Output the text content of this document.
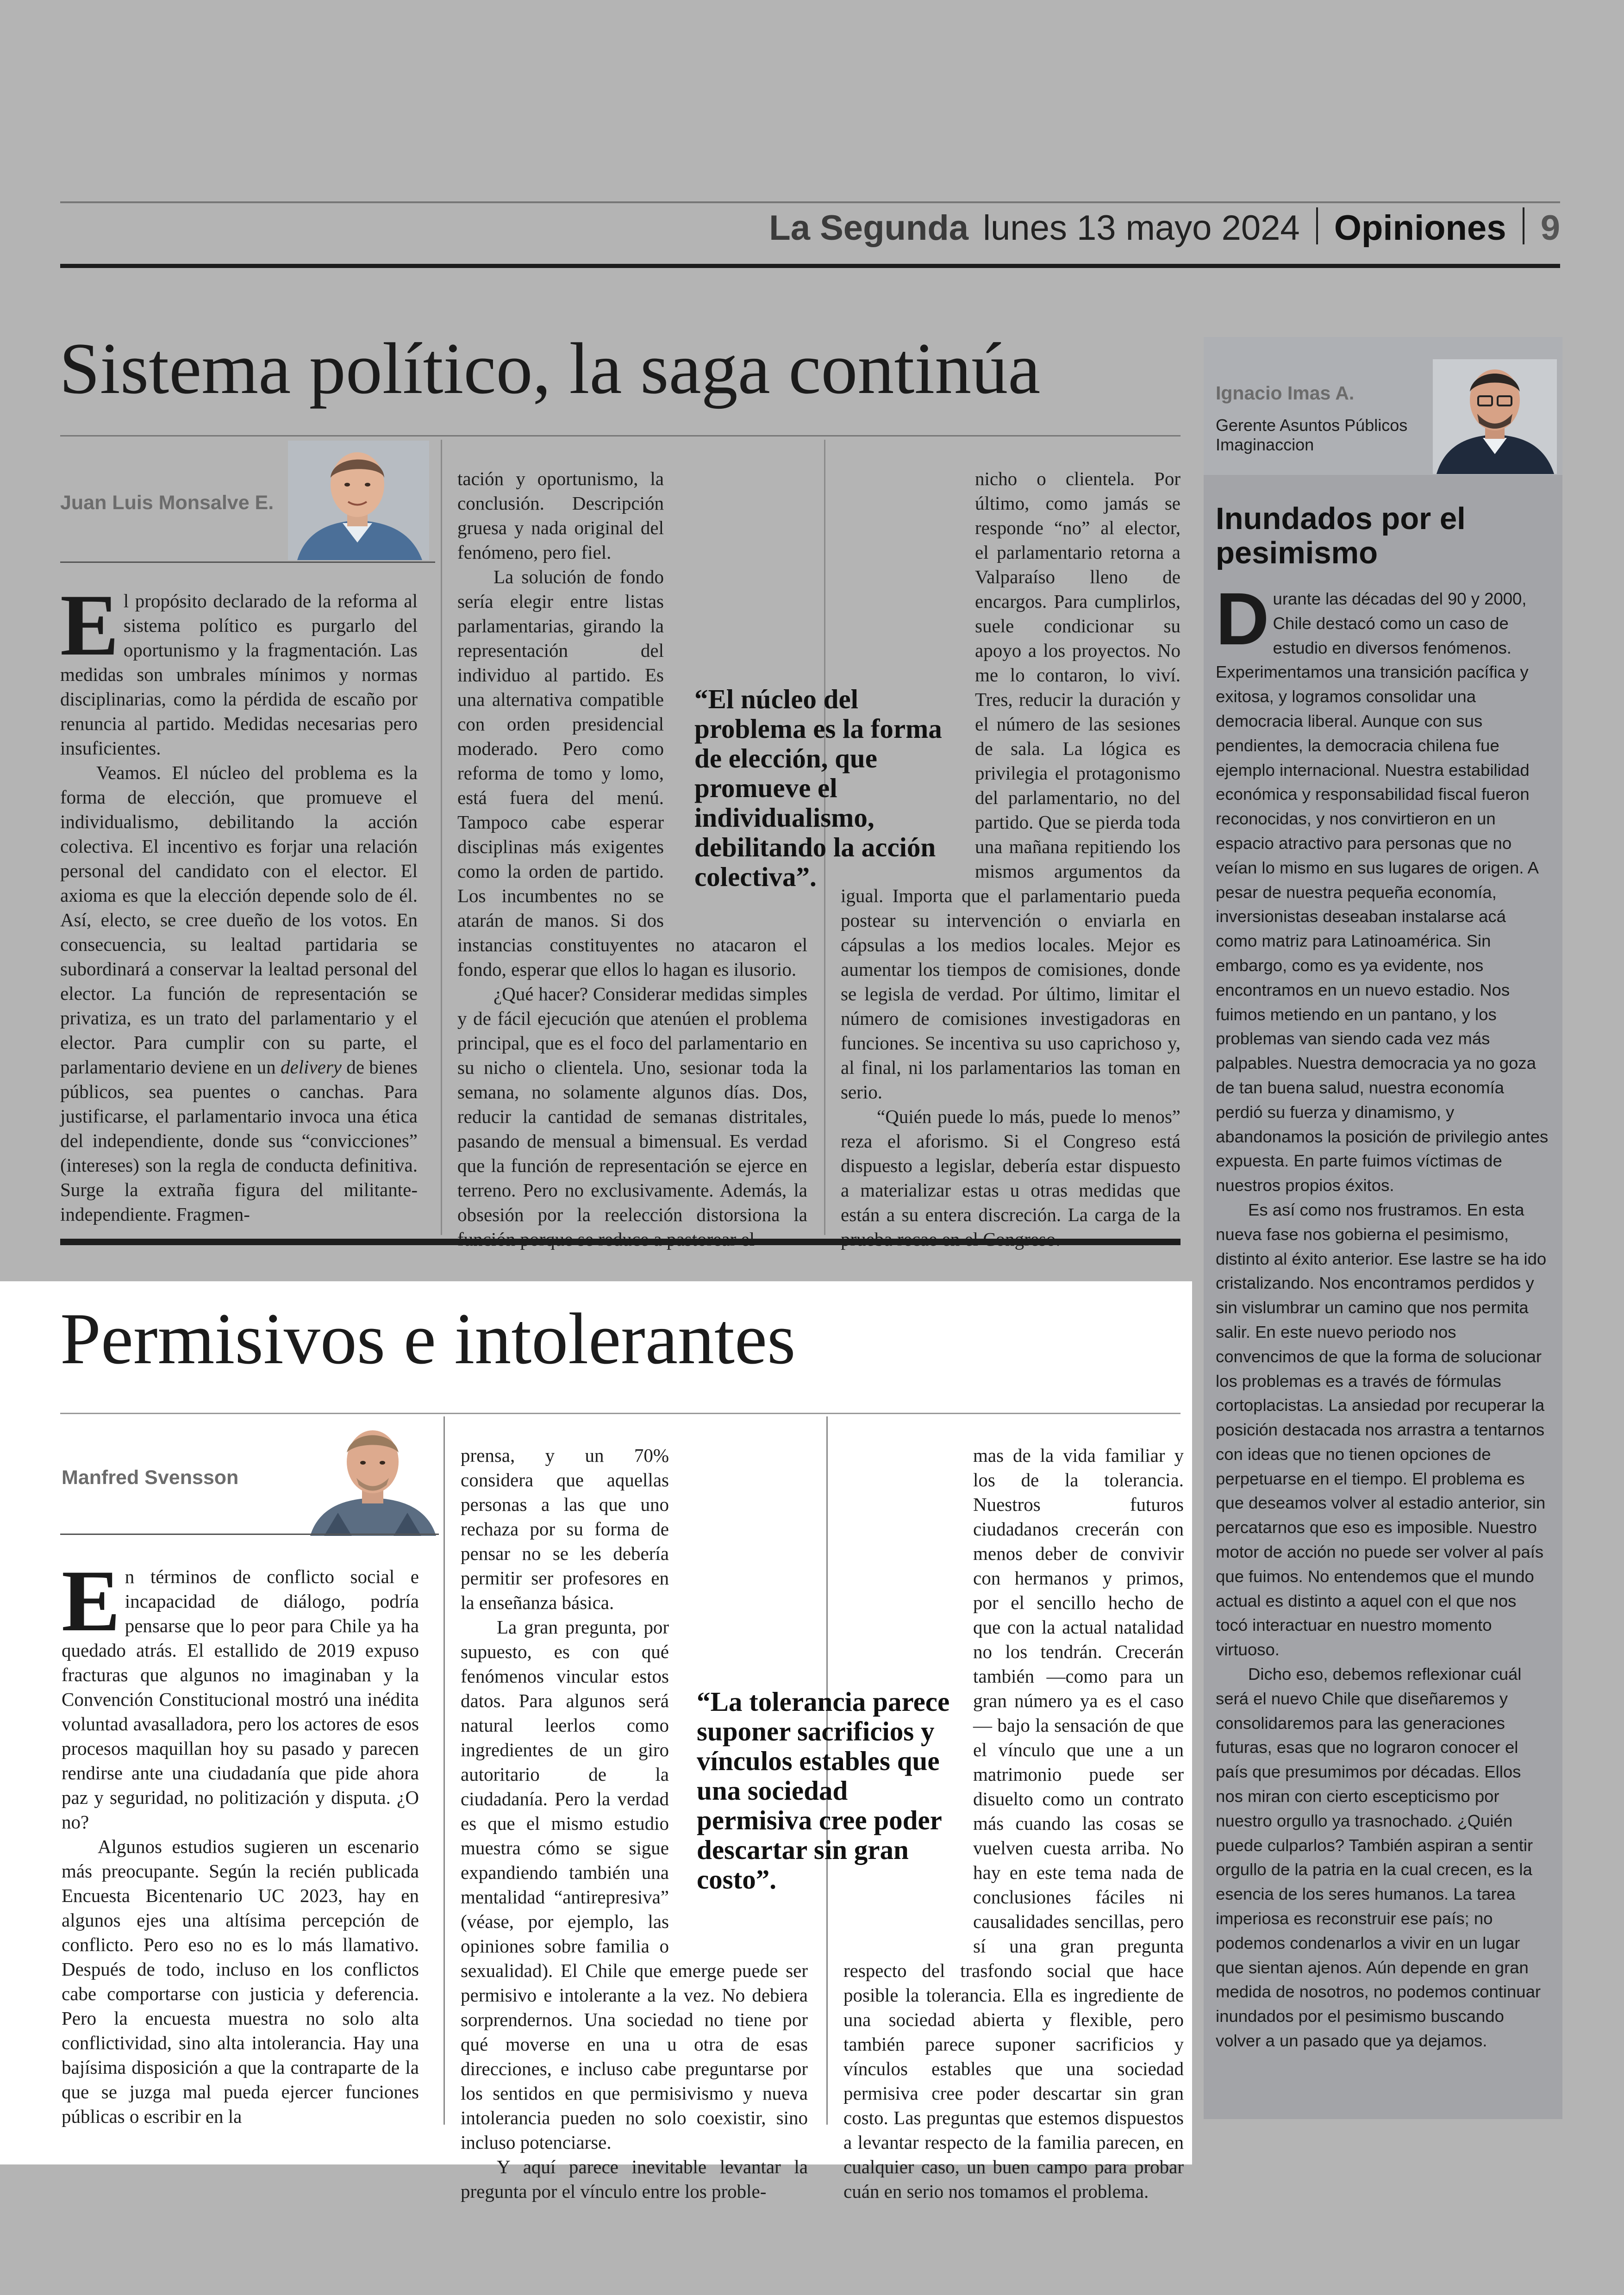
La Segunda lunes 13 mayo 2024 Opiniones 9
Sistema político, la saga continúa
Juan Luis Monsalve E.

El propósito declarado de la reforma al sistema político es purgarlo del oportunismo y la fragmentación. Las medidas son umbrales mínimos y normas disciplinarias, como la pérdida de escaño por renuncia al partido. Medidas necesarias pero insuficientes.

Veamos. El núcleo del problema es la forma de elección, que promueve el individualismo, debilitando la acción colectiva. El incentivo es forjar una relación personal del candidato con el elector. El axioma es que la elección depende solo de él. Así, electo, se cree dueño de los votos. En consecuencia, su lealtad partidaria se subordinará a conservar la lealtad personal del elector. La función de representación se privatiza, es un trato del parlamentario y el elector. Para cumplir con su parte, el parlamentario deviene en un delivery de bienes públicos, sea puentes o canchas. Para justificarse, el parlamentario invoca una ética del independiente, donde sus “convicciones” (intereses) son la regla de conducta definitiva. Surge la extraña figura del militante-independiente. Fragmen-

tación y oportunismo, la conclusión. Descripción gruesa y nada original del fenómeno, pero fiel.

La solución de fondo sería elegir entre listas parlamentarias, girando la representación del individuo al partido. Es una alternativa compatible con orden presidencial moderado. Pero como reforma de tomo y lomo, está fuera del menú. Tampoco cabe esperar disciplinas más exigentes como la orden de partido. Los incumbentes no se atarán de manos. Si dos instancias constituyentes no atacaron el fondo, esperar que ellos lo hagan es ilusorio.

¿Qué hacer? Considerar medidas simples y de fácil ejecución que atenúen el problema principal, que es el foco del parlamentario en su nicho o clientela. Uno, sesionar toda la semana, no solamente algunos días. Dos, reducir la cantidad de semanas distritales, pasando de mensual a bimensual. Es verdad que la función de representación se ejerce en terreno. Pero no exclusivamente. Además, la obsesión por la reelección distorsiona la

nicho o clientela. Por último, como jamás se responde “no” al elector, el parlamentario retorna a Valparaíso lleno de encargos. Para cumplirlos, suele condicionar su apoyo a los proyectos. No me lo contaron, lo viví. Tres, reducir la duración y el número de las sesiones de sala. La lógica es privilegia el protagonismo del parlamentario, no del partido. Que se pierda toda una mañana repitiendo los mismos argumentos da igual. Importa que el parlamentario pueda postear su intervención o enviarla en cápsulas a los medios locales. Mejor es aumentar los tiempos de comisiones, donde se legisla de verdad. Por último, limitar el número de comisiones investigadoras en funciones. Se incentiva su uso caprichoso y, al final, ni los parlamentarios las toman en serio.

“Quién puede lo más, puede lo menos” reza el aforismo. Si el Congreso está dispuesto a legislar, debería estar dispuesto a materializar estas u otras medidas que están a su entera discreción. La carga de la

“El núcleo del problema es la forma de elección, que promueve el individualismo, debilitando la acción colectiva”.
Permisivos e intolerantes
Manfred Svensson

En términos de conflicto social e incapacidad de diálogo, podría pensarse que lo peor para Chile ya ha quedado atrás. El estallido de 2019 expuso fracturas que algunos no imaginaban y la Convención Constitucional mostró una inédita voluntad avasalladora, pero los actores de esos procesos maquillan hoy su pasado y parecen rendirse ante una ciudadanía que pide ahora paz y seguridad, no politización y disputa. ¿O no?

Algunos estudios sugieren un escenario más preocupante. Según la recién publicada Encuesta Bicentenario UC 2023, hay en algunos ejes una altísima percepción de conflicto. Pero eso no es lo más llamativo. Después de todo, incluso en los conflictos cabe comportarse con justicia y deferencia. Pero la encuesta muestra no solo alta conflictividad, sino alta intolerancia. Hay una bajísima disposición a que la contraparte de la que se juzga mal pueda ejercer funciones públicas o escribir en la

prensa, y un 70% considera que aquellas personas a las que uno rechaza por su forma de pensar no se les debería permitir ser profesores en la enseñanza básica.

La gran pregunta, por supuesto, es con qué fenómenos vincular estos datos. Para algunos será natural leerlos como ingredientes de un giro autoritario de la ciudadanía. Pero la verdad es que el mismo estudio muestra cómo se sigue expandiendo también una mentalidad “antirepresiva” (véase, por ejemplo, las opiniones sobre familia o sexualidad). El Chile que emerge puede ser permisivo e intolerante a la vez. No debiera sorprendernos. Una sociedad no tiene por qué moverse en una u otra de esas direcciones, e incluso cabe preguntarse por los sentidos en que permisivismo y nueva intolerancia pueden no solo coexistir, sino incluso potenciarse.

Y aquí parece inevitable levantar la pregunta por el vínculo entre los proble-

mas de la vida familiar y los de la tolerancia. Nuestros futuros ciudadanos crecerán con menos deber de convivir con hermanos y primos, por el sencillo hecho de que con la actual natalidad no los tendrán. Crecerán también —como para un gran número ya es el caso— bajo la sensación de que el vínculo que une a un matrimonio puede ser disuelto como un contrato más cuando las cosas se vuelven cuesta arriba. No hay en este tema nada de conclusiones fáciles ni causalidades sencillas, pero sí una gran pregunta respecto del trasfondo social que hace posible la tolerancia. Ella es ingrediente de una sociedad abierta y flexible, pero también parece suponer sacrificios y vínculos estables que una sociedad permisiva cree poder descartar sin gran costo. Las preguntas que estemos dispuestos a levantar respecto de la familia parecen, en cualquier caso, un buen campo para probar cuán en serio nos tomamos el problema.

“La tolerancia parece suponer sacrificios y vínculos estables que una sociedad permisiva cree poder descartar sin gran costo”.
Ignacio Imas A.
Gerente Asuntos Públicos Imaginaccion
Inundados por el pesimismo

Durante las décadas del 90 y 2000, Chile destacó como un caso de estudio en diversos fenómenos. Experimentamos una transición pacífica y exitosa, y logramos consolidar una democracia liberal. Aunque con sus pendientes, la democracia chilena fue ejemplo internacional. Nuestra estabilidad económica y responsabilidad fiscal fueron reconocidas, y nos convirtieron en un espacio atractivo para personas que no veían lo mismo en sus lugares de origen. A pesar de nuestra pequeña economía, inversionistas deseaban instalarse acá como matriz para Latinoamérica. Sin embargo, como es ya evidente, nos encontramos en un nuevo estadio. Nos fuimos metiendo en un pantano, y los problemas van siendo cada vez más palpables. Nuestra democracia ya no goza de tan buena salud, nuestra economía perdió su fuerza y dinamismo, y abandonamos la posición de privilegio antes expuesta. En parte fuimos víctimas de nuestros propios éxitos.

Es así como nos frustramos. En esta nueva fase nos gobierna el pesimismo, distinto al éxito anterior. Ese lastre se ha ido cristalizando. Nos encontramos perdidos y sin vislumbrar un camino que nos permita salir. En este nuevo periodo nos convencimos de que la forma de solucionar los problemas es a través de fórmulas cortoplacistas. La ansiedad por recuperar la posición destacada nos arrastra a tentarnos con ideas que no tienen opciones de perpetuarse en el tiempo. El problema es que deseamos volver al estadio anterior, sin percatarnos que eso es imposible. Nuestro motor de acción no puede ser volver al país que fuimos. No entendemos que el mundo actual es distinto a aquel con el que nos tocó interactuar en nuestro momento virtuoso.

Dicho eso, debemos reflexionar cuál será el nuevo Chile que diseñaremos y consolidaremos para las generaciones futuras, esas que no lograron conocer el país que presumimos por décadas. Ellos nos miran con cierto escepticismo por nuestro orgullo ya trasnochado. ¿Quién puede culparlos? También aspiran a sentir orgullo de la patria en la cual crecen, es la esencia de los seres humanos. La tarea imperiosa es reconstruir ese país; no podemos condenarlos a vivir en un lugar que sientan ajenos. Aún depende en gran medida de nosotros, no podemos continuar inundados por el pesimismo buscando volver a un pasado que ya dejamos.
